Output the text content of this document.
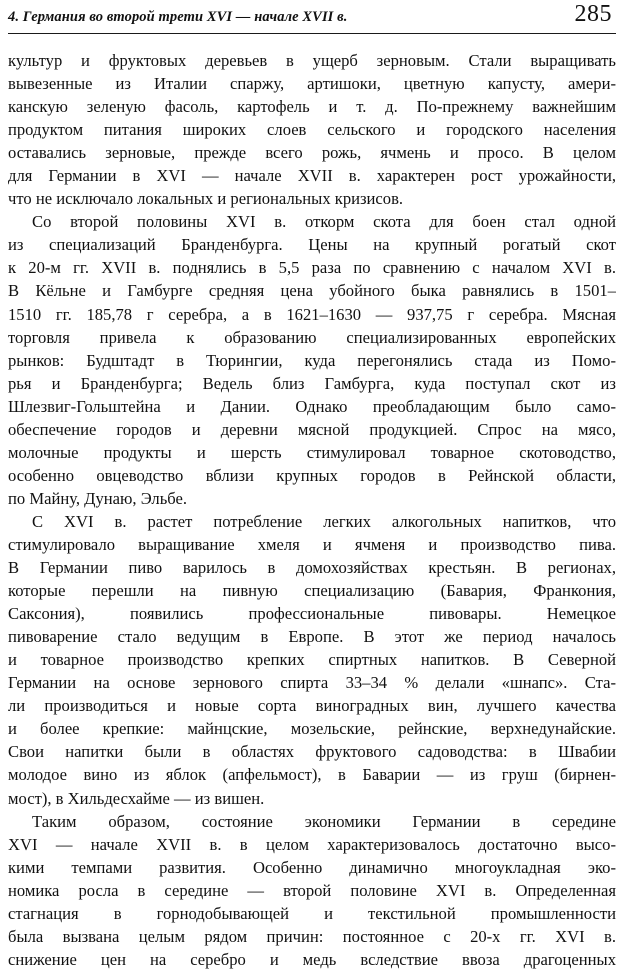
4. Германия во второй трети XVI — начале XVII в.	285
культур и фруктовых деревьев в ущерб зерновым. Стали выращивать
вывезенные из Италии спаржу, артишоки, цветную капусту, амери-
канскую зеленую фасоль, картофель и т. д. По-прежнему важнейшим
продуктом питания широких слоев сельского и городского населения
оставались зерновые, прежде всего рожь, ячмень и просо. В целом
для Германии в XVI — начале XVII в. характерен рост урожайности,
что не исключало локальных и региональных кризисов.
Со второй половины XVI в. откорм скота для боен стал одной
из специализаций Бранденбурга. Цены на крупный рогатый скот
к 20-м гг. XVII в. поднялись в 5,5 раза по сравнению с началом XVI в.
В Кёльне и Гамбурге средняя цена убойного быка равнялись в 1501–
1510 гг. 185,78 г серебра, а в 1621–1630 — 937,75 г серебра. Мясная
торговля привела к образованию специализированных европейских
рынков: Будштадт в Тюрингии, куда перегонялись стада из Помо-
рья и Бранденбурга; Ведель близ Гамбурга, куда поступал скот из
Шлезвиг-Гольштейна и Дании. Однако преобладающим было само-
обеспечение городов и деревни мясной продукцией. Спрос на мясо,
молочные продукты и шерсть стимулировал товарное скотоводство,
особенно овцеводство вблизи крупных городов в Рейнской области,
по Майну, Дунаю, Эльбе.
С XVI в. растет потребление легких алкогольных напитков, что
стимулировало выращивание хмеля и ячменя и производство пива.
В Германии пиво варилось в домохозяйствах крестьян. В регионах,
которые перешли на пивную специализацию (Бавария, Франкония,
Саксония), появились профессиональные пивовары. Немецкое
пивоварение стало ведущим в Европе. В этот же период началось
и товарное производство крепких спиртных напитков. В Северной
Германии на основе зернового спирта 33–34 % делали «шнапс». Ста-
ли производиться и новые сорта виноградных вин, лучшего качества
и более крепкие: майнцские, мозельские, рейнские, верхнедунайские.
Свои напитки были в областях фруктового садоводства: в Швабии
молодое вино из яблок (апфельмост), в Баварии — из груш (бирнен-
мост), в Хильдесхайме — из вишен.
Таким образом, состояние экономики Германии в середине
XVI — начале XVII в. в целом характеризовалось достаточно высо-
кими темпами развития. Особенно динамично многоукладная эко-
номика росла в середине — второй половине XVI в. Определенная
стагнация в горнодобывающей и текстильной промышленности
была вызвана целым рядом причин: постоянное с 20-х гг. XVI в.
снижение цен на серебро и медь вследствие ввоза драгоценных
